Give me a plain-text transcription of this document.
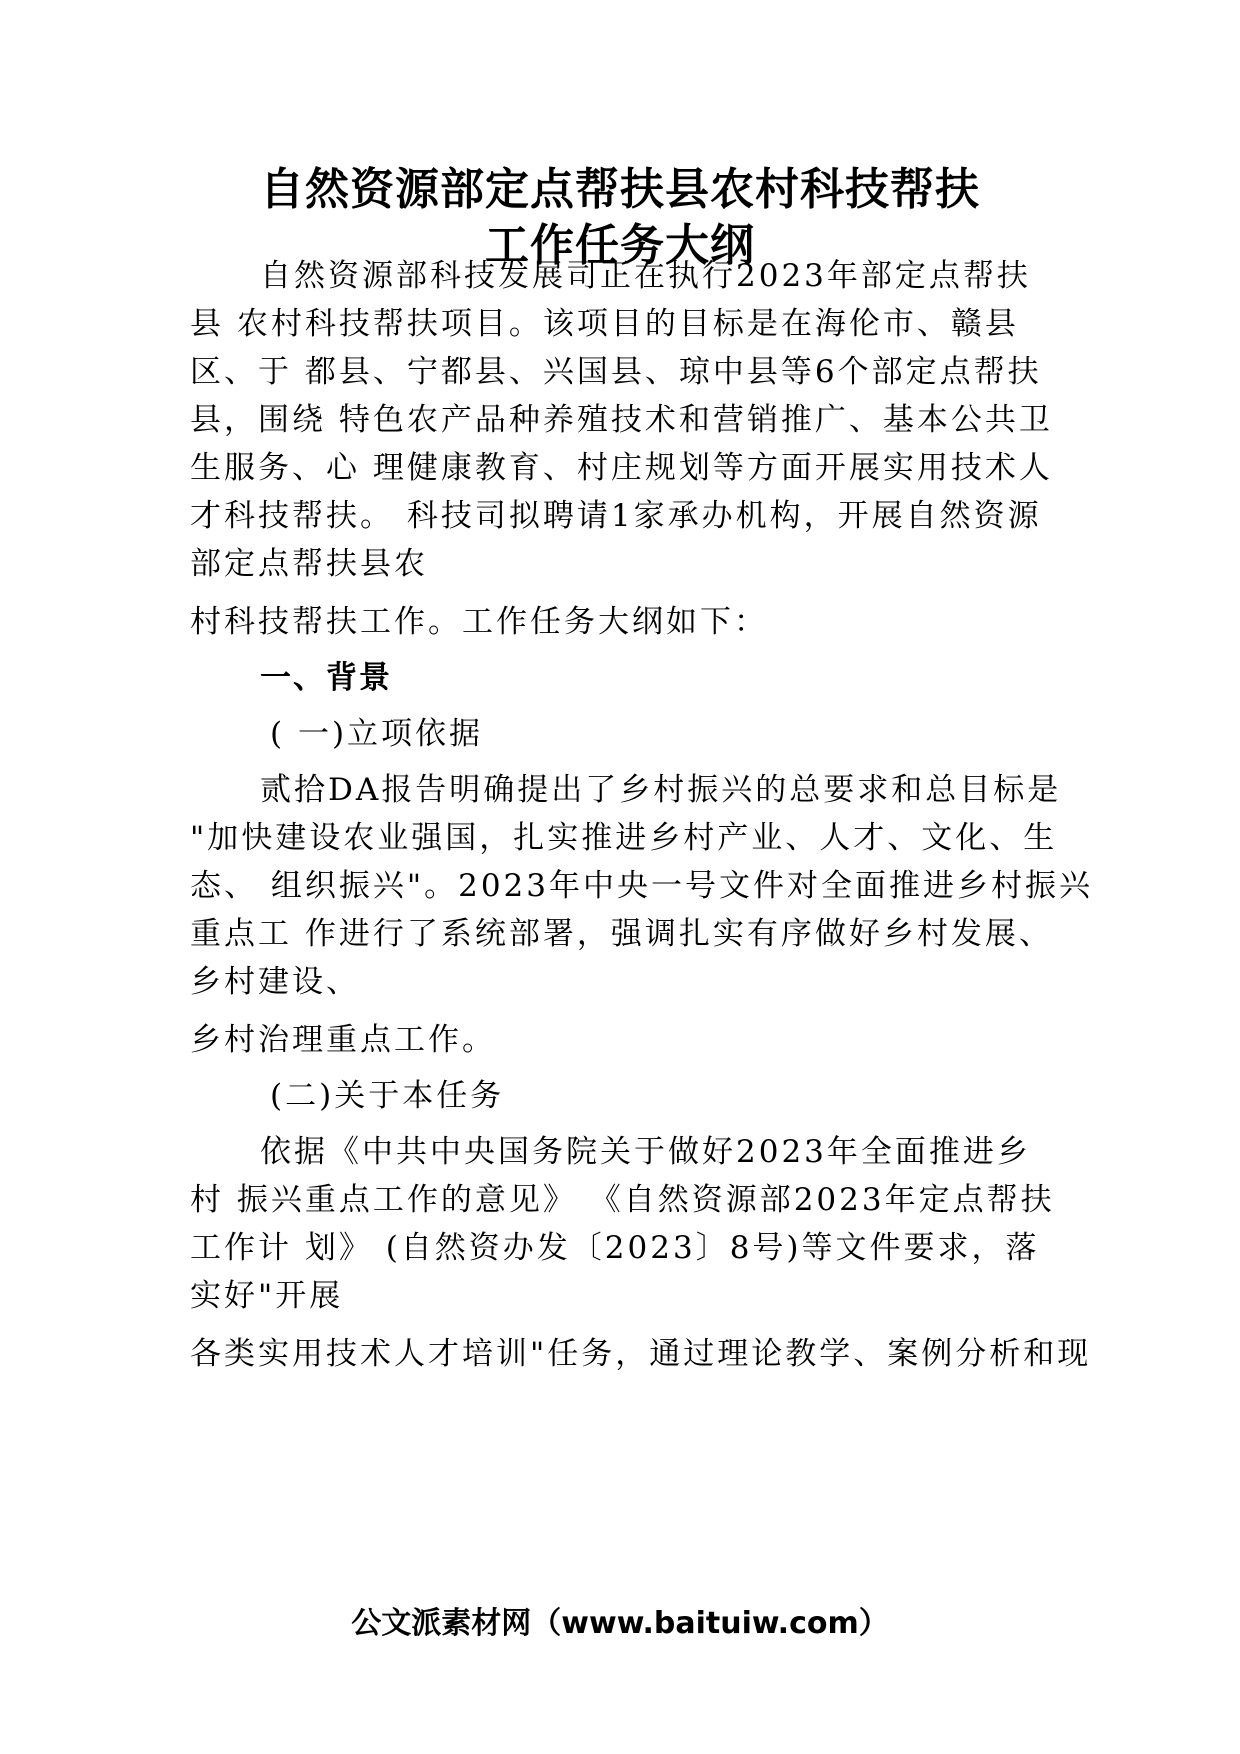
自然资源部定点帮扶县农村科技帮扶
工作任务大纲
自然资源部科技发展司正在执行2023年部定点帮扶
县 农村科技帮扶项目。该项目的目标是在海伦市、赣县
区、于 都县、宁都县、兴国县、琼中县等6个部定点帮扶
县，围绕 特色农产品种养殖技术和营销推广、基本公共卫
生服务、心 理健康教育、村庄规划等方面开展实用技术人
才科技帮扶。 科技司拟聘请1家承办机构，开展自然资源
部定点帮扶县农
村科技帮扶工作。工作任务大纲如下：
一、背景
( 一)立项依据
贰拾DA报告明确提出了乡村振兴的总要求和总目标是
"加快建设农业强国，扎实推进乡村产业、人才、文化、生
态、 组织振兴"。2023年中央一号文件对全面推进乡村振兴
重点工 作进行了系统部署，强调扎实有序做好乡村发展、
乡村建设、
乡村治理重点工作。
(二)关于本任务
依据《中共中央国务院关于做好2023年全面推进乡
村 振兴重点工作的意见》 《自然资源部2023年定点帮扶
工作计 划》 (自然资办发〔2023〕8号)等文件要求，落
实好"开展
各类实用技术人才培训"任务，通过理论教学、案例分析和现
公文派素材网（www.baituiw.com）
